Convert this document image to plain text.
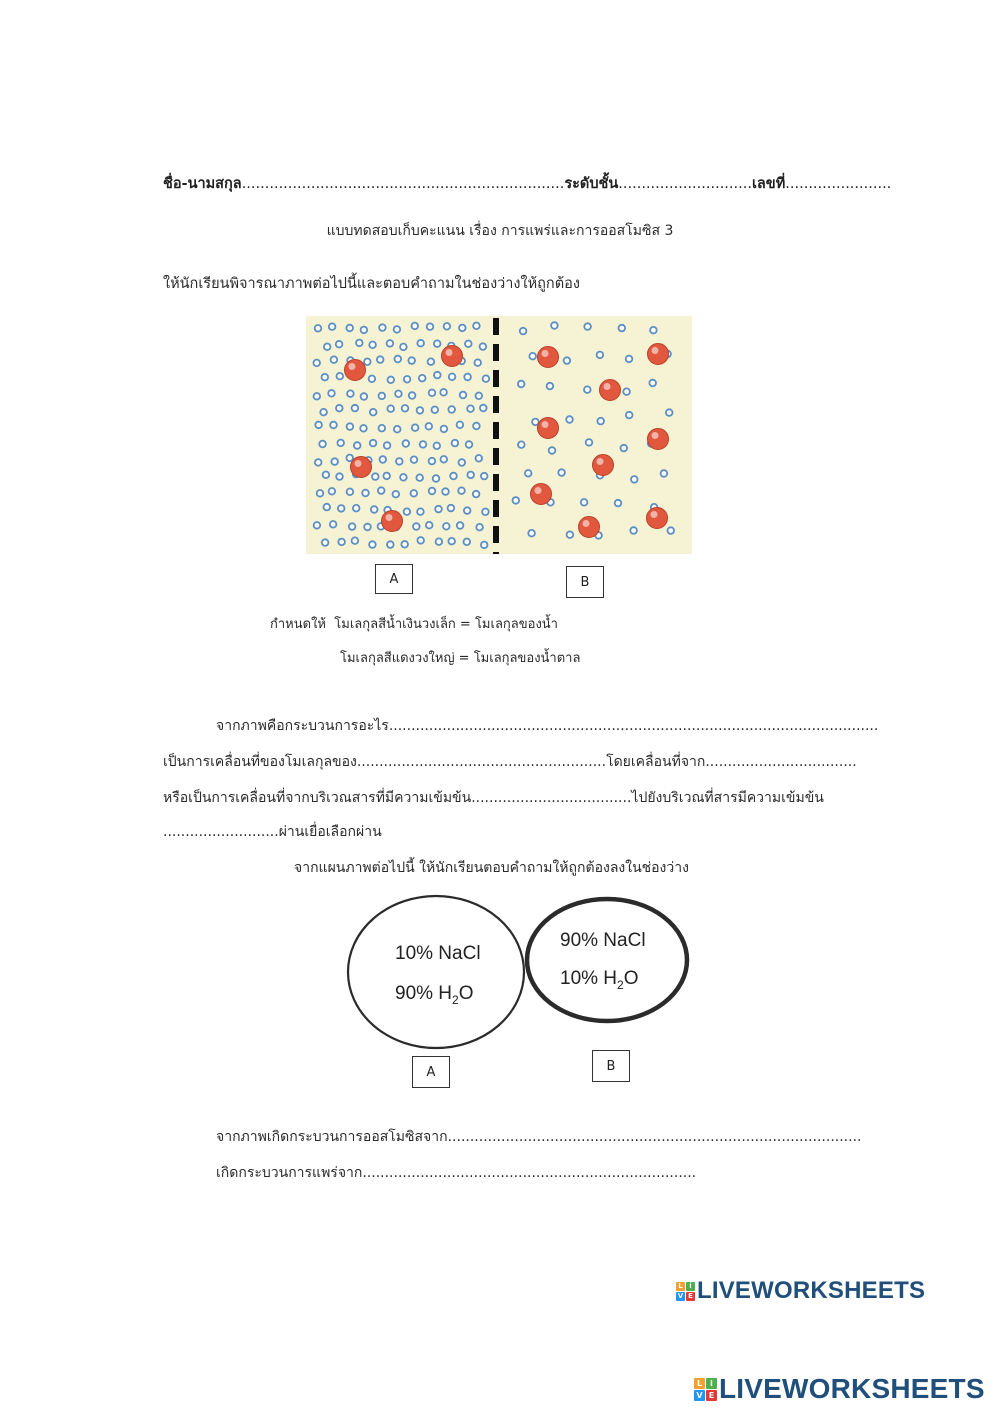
ชื่อ-นามสกุล......................................................................ระดับชั้น.............................เลขที่.......................
แบบทดสอบเก็บคะแนน เรื่อง การแพร่และการออสโมซิส 3
ให้นักเรียนพิจารณาภาพต่อไปนี้และตอบคำถามในช่องว่างให้ถูกต้อง
A	B
กำหนดให้ โมเลกุลสีน้ำเงินวงเล็ก = โมเลกุลของน้ำ
โมเลกุลสีแดงวงใหญ่ = โมเลกุลของน้ำตาล
จากภาพคือกระบวนการอะไร..............................................................................................................
เป็นการเคลื่อนที่ของโมเลกุลของ........................................................โดยเคลื่อนที่จาก..................................
หรือเป็นการเคลื่อนที่จากบริเวณสารที่มีความเข้มข้น....................................ไปยังบริเวณที่สารมีความเข้มข้น
..........................ผ่านเยื่อเลือกผ่าน
จากแผนภาพต่อไปนี้ ให้นักเรียนตอบคำถามให้ถูกต้องลงในช่องว่าง
10% NaCl
90% $H_2O$
90% NaCl
10% $H_2O$
A	B
จากภาพเกิดกระบวนการออสโมซิสจาก.............................................................................................
เกิดกระบวนการแพร่จาก...........................................................................
L i
V E LIVEWORKSHEETS
L	i
V E LIVEWORKSHEETS
